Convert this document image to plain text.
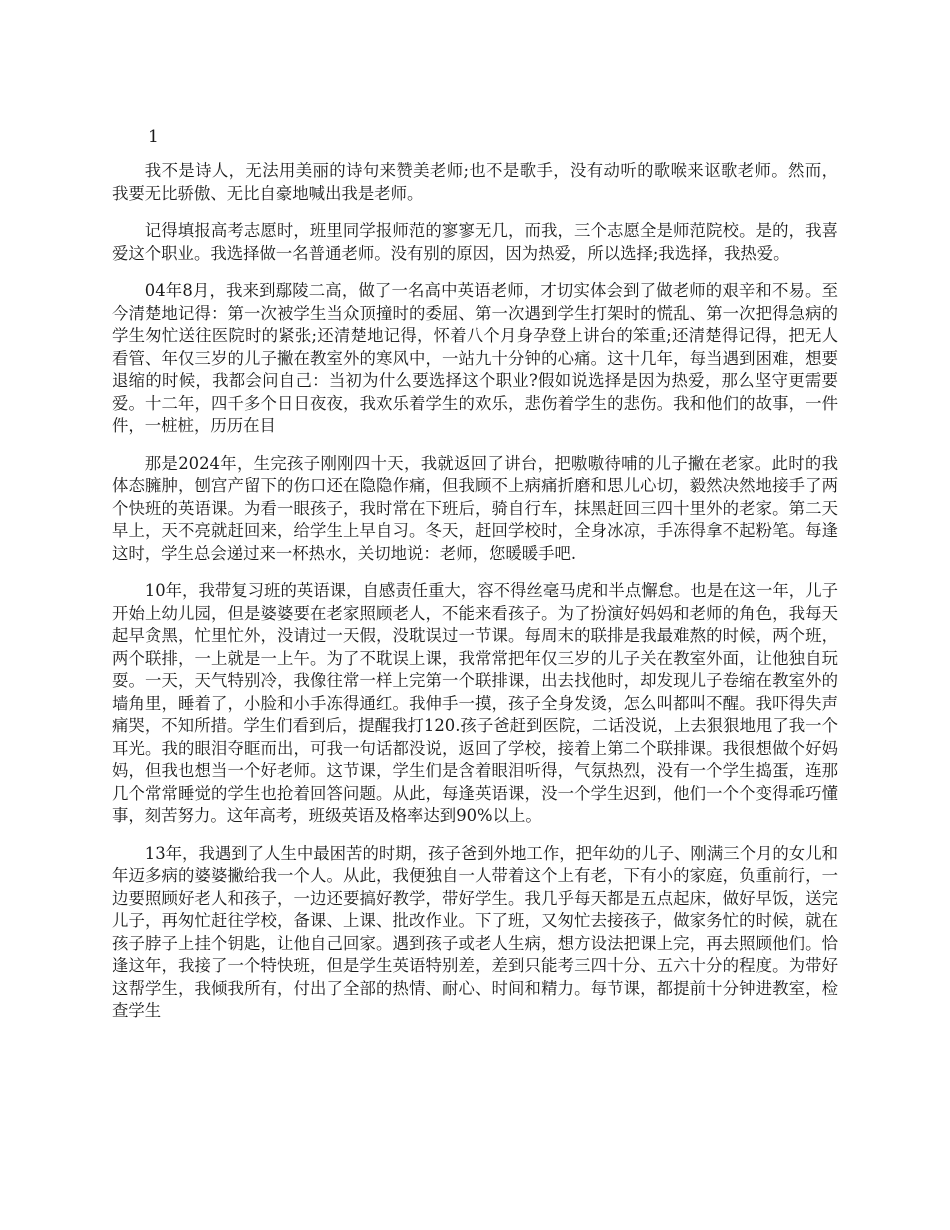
1

我不是诗人，无法用美丽的诗句来赞美老师;也不是歌手，没有动听的歌喉来讴歌老师。然而，我要无比骄傲、无比自豪地喊出我是老师。

记得填报高考志愿时，班里同学报师范的寥寥无几，而我，三个志愿全是师范院校。是的，我喜爱这个职业。我选择做一名普通老师。没有别的原因，因为热爱，所以选择;我选择，我热爱。

04年8月，我来到鄢陵二高，做了一名高中英语老师，才切实体会到了做老师的艰辛和不易。至今清楚地记得：第一次被学生当众顶撞时的委屈、第一次遇到学生打架时的慌乱、第一次把得急病的学生匆忙送往医院时的紧张;还清楚地记得，怀着八个月身孕登上讲台的笨重;还清楚得记得，把无人看管、年仅三岁的儿子撇在教室外的寒风中，一站九十分钟的心痛。这十几年，每当遇到困难，想要退缩的时候，我都会问自己：当初为什么要选择这个职业?假如说选择是因为热爱，那么坚守更需要爱。十二年，四千多个日日夜夜，我欢乐着学生的欢乐，悲伤着学生的悲伤。我和他们的故事，一件件，一桩桩，历历在目

那是2024年，生完孩子刚刚四十天，我就返回了讲台，把嗷嗷待哺的儿子撇在老家。此时的我体态臃肿，刨宫产留下的伤口还在隐隐作痛，但我顾不上病痛折磨和思儿心切，毅然决然地接手了两个快班的英语课。为看一眼孩子，我时常在下班后，骑自行车，抹黑赶回三四十里外的老家。第二天早上，天不亮就赶回来，给学生上早自习。冬天，赶回学校时，全身冰凉，手冻得拿不起粉笔。每逢这时，学生总会递过来一杯热水，关切地说：老师，您暖暖手吧.

10年，我带复习班的英语课，自感责任重大，容不得丝毫马虎和半点懈怠。也是在这一年，儿子开始上幼儿园，但是婆婆要在老家照顾老人，不能来看孩子。为了扮演好妈妈和老师的角色，我每天起早贪黑，忙里忙外，没请过一天假，没耽误过一节课。每周末的联排是我最难熬的时候，两个班，两个联排，一上就是一上午。为了不耽误上课，我常常把年仅三岁的儿子关在教室外面，让他独自玩耍。一天，天气特别冷，我像往常一样上完第一个联排课，出去找他时，却发现儿子卷缩在教室外的墙角里，睡着了，小脸和小手冻得通红。我伸手一摸，孩子全身发烫，怎么叫都叫不醒。我吓得失声痛哭，不知所措。学生们看到后，提醒我打120.孩子爸赶到医院，二话没说，上去狠狠地甩了我一个耳光。我的眼泪夺眶而出，可我一句话都没说，返回了学校，接着上第二个联排课。我很想做个好妈妈，但我也想当一个好老师。这节课，学生们是含着眼泪听得，气氛热烈，没有一个学生捣蛋，连那几个常常睡觉的学生也抢着回答问题。从此，每逢英语课，没一个学生迟到，他们一个个变得乖巧懂事，刻苦努力。这年高考，班级英语及格率达到90%以上。

13年，我遇到了人生中最困苦的时期，孩子爸到外地工作，把年幼的儿子、刚满三个月的女儿和年迈多病的婆婆撇给我一个人。从此，我便独自一人带着这个上有老，下有小的家庭，负重前行，一边要照顾好老人和孩子，一边还要搞好教学，带好学生。我几乎每天都是五点起床，做好早饭，送完儿子，再匆忙赶往学校，备课、上课、批改作业。下了班，又匆忙去接孩子，做家务忙的时候，就在孩子脖子上挂个钥匙，让他自己回家。遇到孩子或老人生病，想方设法把课上完，再去照顾他们。恰逢这年，我接了一个特快班，但是学生英语特别差，差到只能考三四十分、五六十分的程度。为带好这帮学生，我倾我所有，付出了全部的热情、耐心、时间和精力。每节课，都提前十分钟进教室，检查学生
